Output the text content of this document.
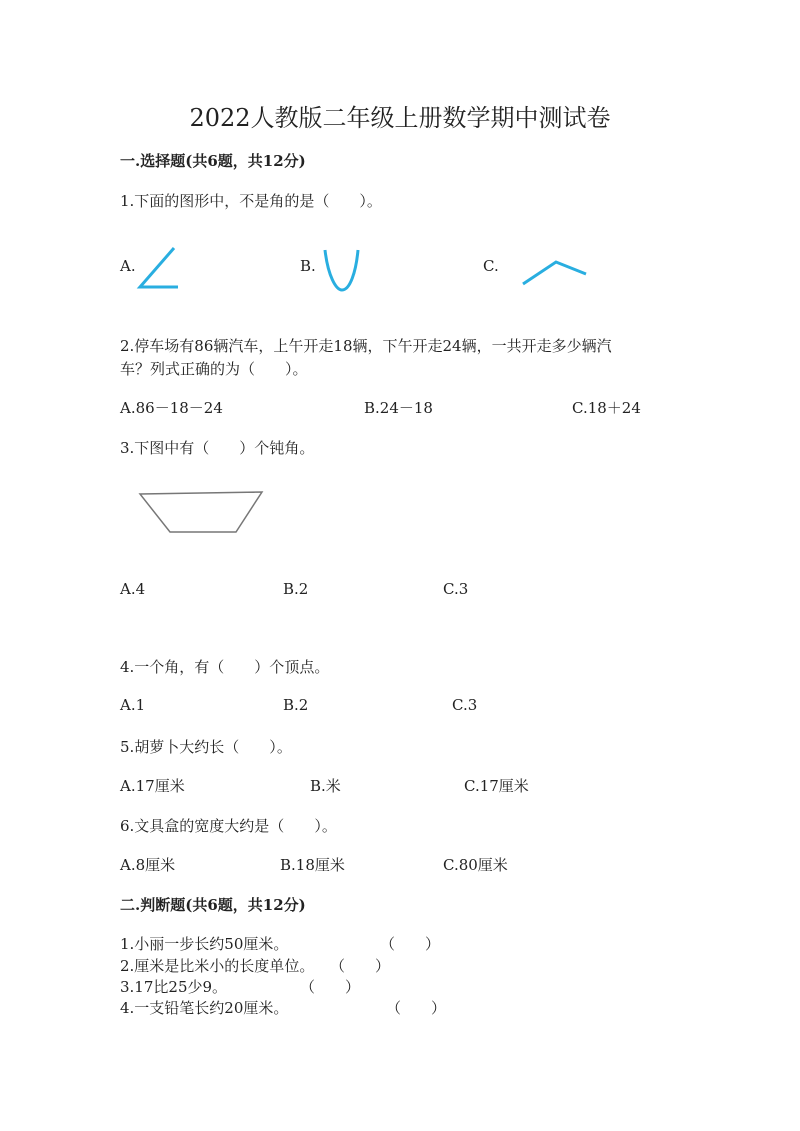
2022人教版二年级上册数学期中测试卷
一.选择题(共6题，共12分)
1.下面的图形中，不是角的是（　　）。
A.	B.	C.
2.停车场有86辆汽车，上午开走18辆，下午开走24辆，一共开走多少辆汽
车？列式正确的为（　　）。
A.86－18－24	B.24－18	C.18＋24
3.下图中有（　　）个钝角。
A.4	B.2	C.3
4.一个角，有（　　）个顶点。
A.1	B.2	C.3
5.胡萝卜大约长（　　）。
A.17厘米	B.米	C.17厘米
6.文具盒的宽度大约是（　　）。
A.8厘米	B.18厘米	C.80厘米
二.判断题(共6题，共12分)
1.小丽一步长约50厘米。	（　　）
2.厘米是比米小的长度单位。 （　　）
3.17比25少9。	（　　）
4.一支铅笔长约20厘米。	（　　）
